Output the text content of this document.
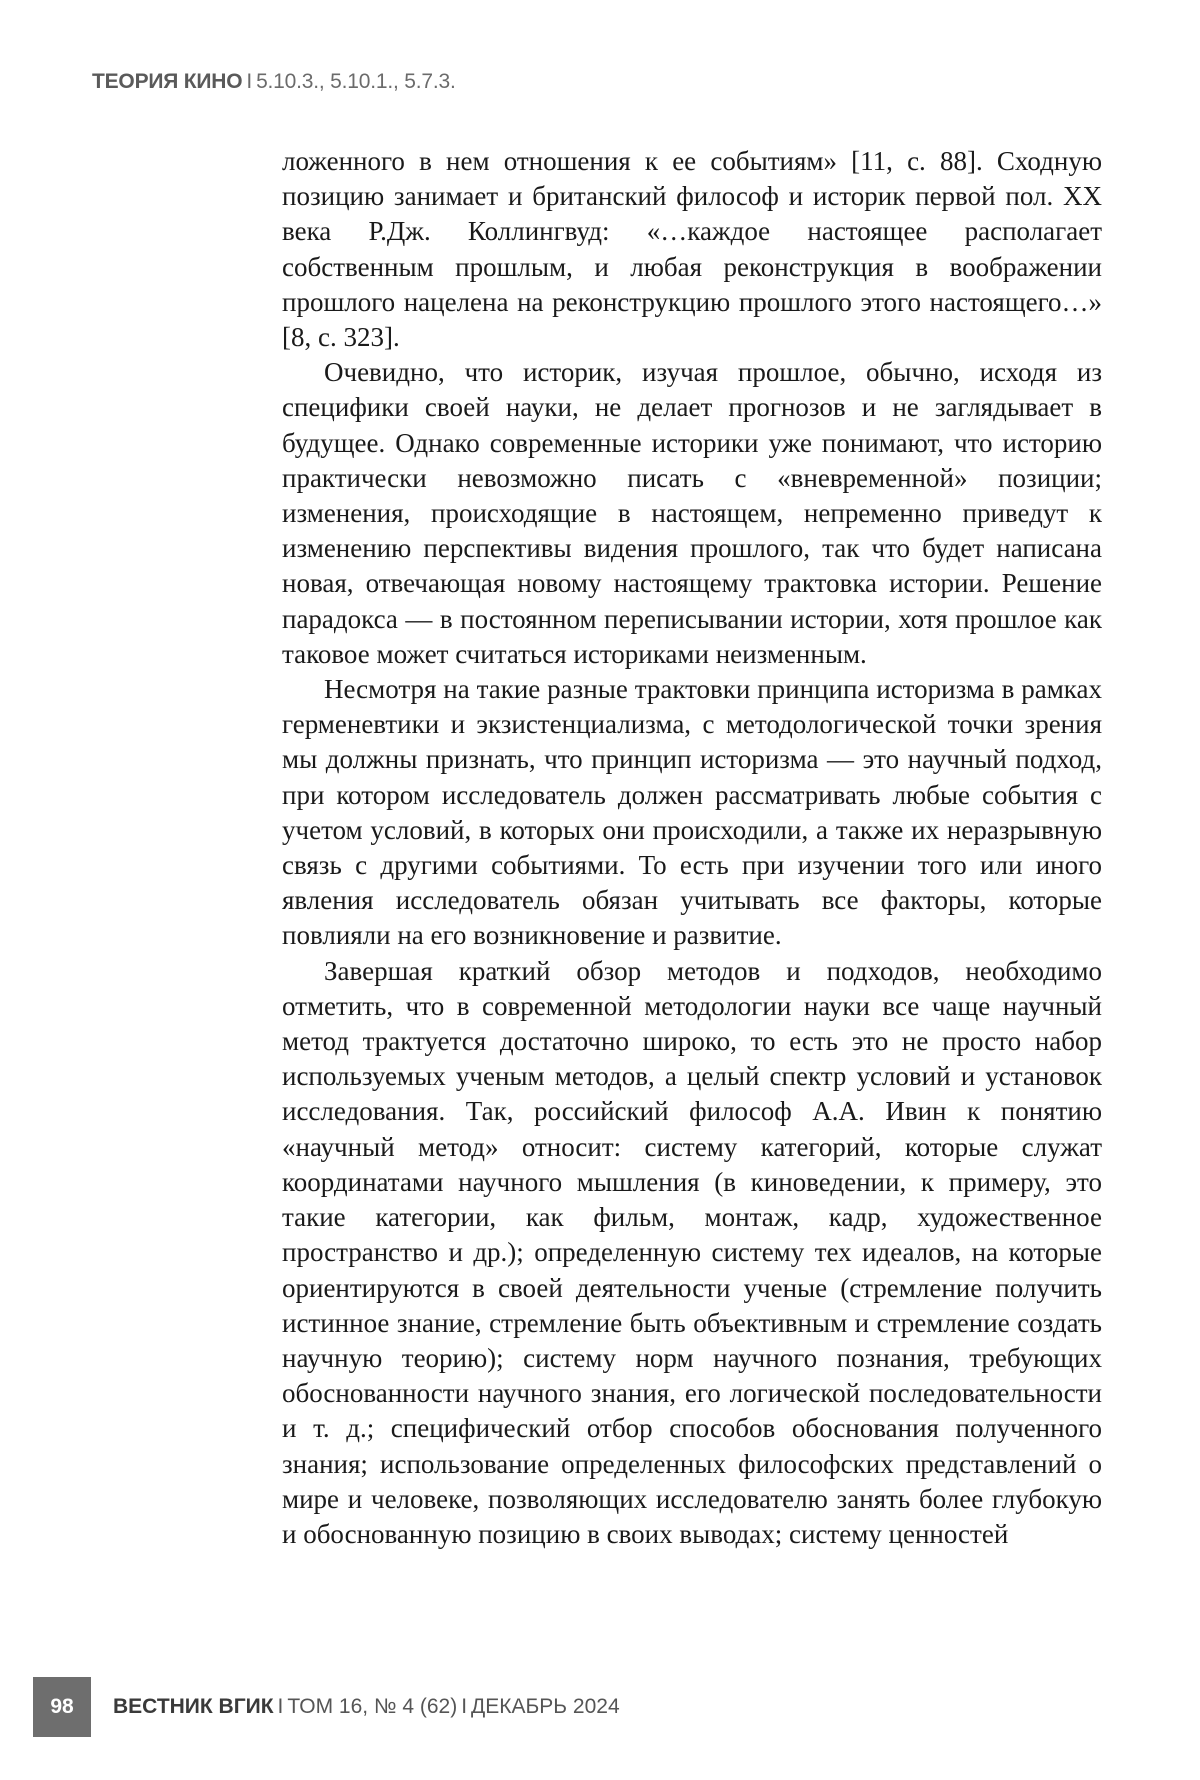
ТЕОРИЯ КИНО I 5.10.3., 5.10.1., 5.7.3.

ложенного в нем отношения к ее событиям» [11, с. 88]. Сходную позицию занимает и британский философ и историк первой пол. XX века Р.Дж. Коллингвуд: «…каждое настоящее располагает собственным прошлым, и любая реконструкция в воображении прошлого нацелена на реконструкцию прошлого этого настоящего…» [8, с. 323].

Очевидно, что историк, изучая прошлое, обычно, исходя из специфики своей науки, не делает прогнозов и не заглядывает в будущее. Однако современные историки уже понимают, что историю практически невозможно писать с «вневременной» позиции; изменения, происходящие в настоящем, непременно приведут к изменению перспективы видения прошлого, так что будет написана новая, отвечающая новому настоящему трактовка истории. Решение парадокса — в постоянном переписывании истории, хотя прошлое как таковое может считаться историками неизменным.

Несмотря на такие разные трактовки принципа историзма в рамках герменевтики и экзистенциализма, с методологической точки зрения мы должны признать, что принцип историзма — это научный подход, при котором исследователь должен рассматривать любые события с учетом условий, в которых они происходили, а также их неразрывную связь с другими событиями. То есть при изучении того или иного явления исследователь обязан учитывать все факторы, которые повлияли на его возникновение и развитие.

Завершая краткий обзор методов и подходов, необходимо отметить, что в современной методологии науки все чаще научный метод трактуется достаточно широко, то есть это не просто набор используемых ученым методов, а целый спектр условий и установок исследования. Так, российский философ А.А. Ивин к понятию «научный метод» относит: систему категорий, которые служат координатами научного мышления (в киноведении, к примеру, это такие категории, как фильм, монтаж, кадр, художественное пространство и др.); определенную систему тех идеалов, на которые ориентируются в своей деятельности ученые (стремление получить истинное знание, стремление быть объективным и стремление создать научную теорию); систему норм научного познания, требующих обоснованности научного знания, его логической последовательности и т. д.; специфический отбор способов обоснования полученного знания; использование определенных философских представлений о мире и человеке, позволяющих исследователю занять более глубокую и обоснованную позицию в своих выводах; систему ценностей

98	ВЕСТНИК ВГИК I ТОМ 16, № 4 (62) I ДЕКАБРЬ 2024
